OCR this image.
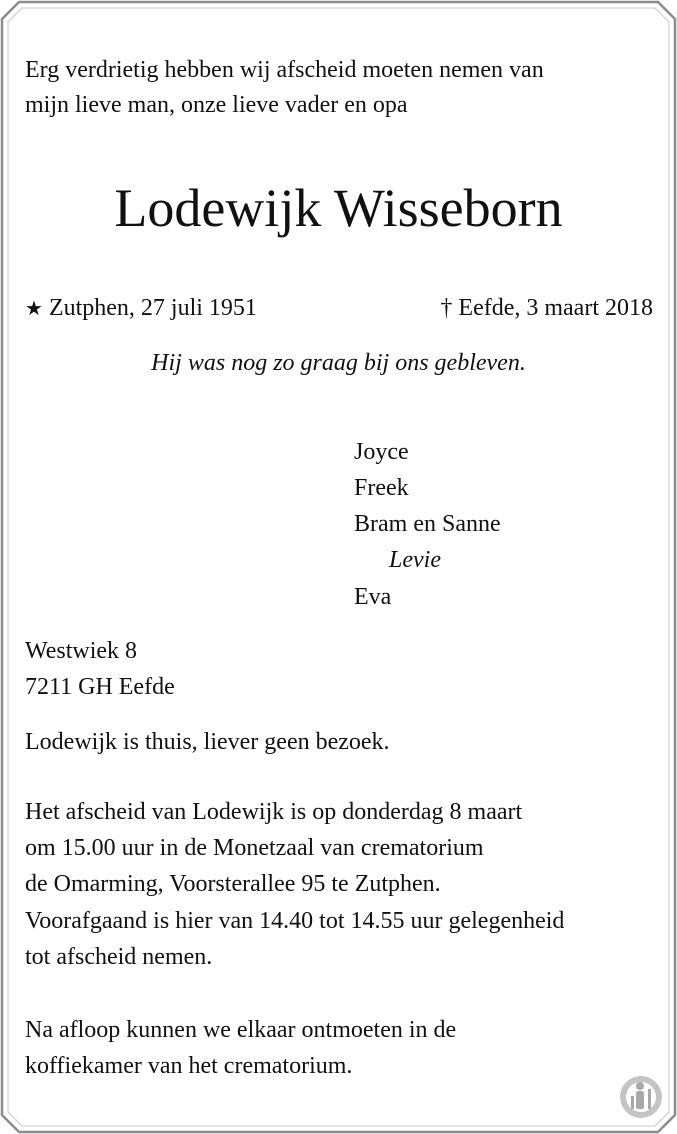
Erg verdrietig hebben wij afscheid moeten nemen van
mijn lieve man, onze lieve vader en opa
Lodewijk Wisseborn
★ Zutphen, 27 juli 1951	† Eefde, 3 maart 2018
Hij was nog zo graag bij ons gebleven.
Joyce
Freek
Bram en Sanne
Levie
Eva
Westwiek 8
7211 GH Eefde
Lodewijk is thuis, liever geen bezoek.
Het afscheid van Lodewijk is op donderdag 8 maart
om 15.00 uur in de Monetzaal van crematorium
de Omarming, Voorsterallee 95 te Zutphen.
Voorafgaand is hier van 14.40 tot 14.55 uur gelegenheid
tot afscheid nemen.
Na afloop kunnen we elkaar ontmoeten in de
koffiekamer van het crematorium.
